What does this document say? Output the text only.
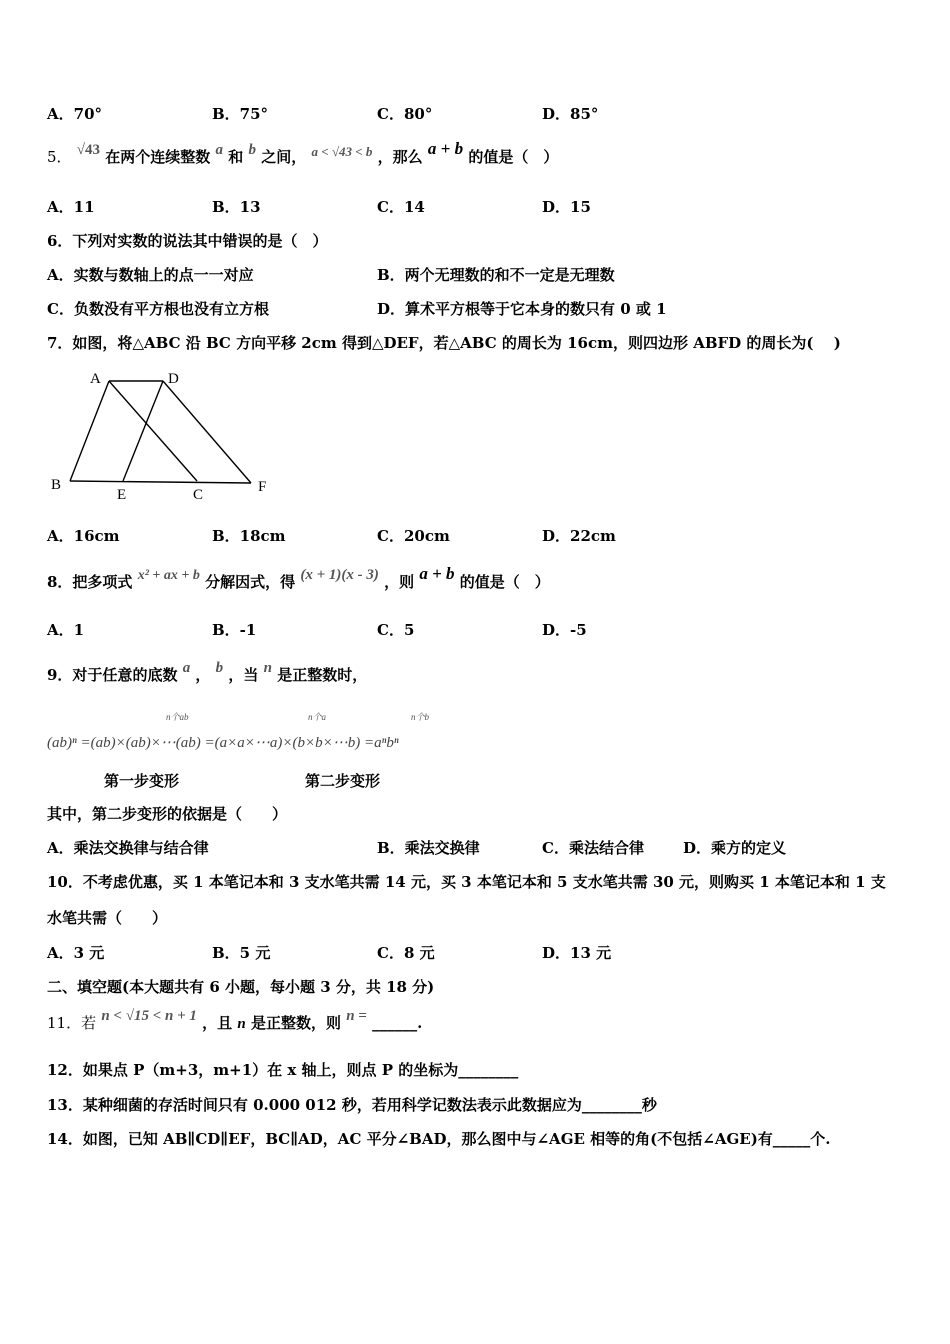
A．70°	B．75°	C．80°	D．85°
5． √43 在两个连续整数 a 和 b 之间， a < √43 < b ，那么 a + b 的值是（　）
A．11	B．13	C．14	D．15
6．下列对实数的说法其中错误的是（　）
A．实数与数轴上的点一一对应	B．两个无理数的和不一定是无理数
C．负数没有平方根也没有立方根	D．算术平方根等于它本身的数只有 0 或 1
7．如图，将△ABC 沿 BC 方向平移 2cm 得到△DEF，若△ABC 的周长为 16cm，则四边形 ABFD 的周长为(　 )
A	D
B
E	C	F
A．16cm	B．18cm	C．20cm	D．22cm
8．把多项式 x² + ax + b 分解因式，得 (x + 1)(x - 3) ，则 a + b 的值是（　）
A．1	B．-1	C．5	D．-5
9．对于任意的底数 a ， b ，当 n 是正整数时，
n个ab	n个a	n个b
(ab)ⁿ =(ab)×(ab)×⋯(ab) =(a×a×⋯a)×(b×b×⋯b) =aⁿbⁿ
第一步变形	第二步变形
其中，第二步变形的依据是（　　）
A．乘法交换律与结合律	B．乘法交换律	C．乘法结合律	D．乘方的定义
10．不考虑优惠，买 1 本笔记本和 3 支水笔共需 14 元，买 3 本笔记本和 5 支水笔共需 30 元，则购买 1 本笔记本和 1 支
水笔共需（　　）
A．3 元	B．5 元	C．8 元	D．13 元
二、填空题(本大题共有 6 小题，每小题 3 分，共 18 分)
11．若 n < √15 < n + 1 ，且 n 是正整数，则 n = ______.
12．如果点 P（m+3，m+1）在 x 轴上，则点 P 的坐标为________
13．某种细菌的存活时间只有 0.000 012 秒，若用科学记数法表示此数据应为________秒
14．如图，已知 AB∥CD∥EF，BC∥AD，AC 平分∠BAD，那么图中与∠AGE 相等的角(不包括∠AGE)有_____个.
